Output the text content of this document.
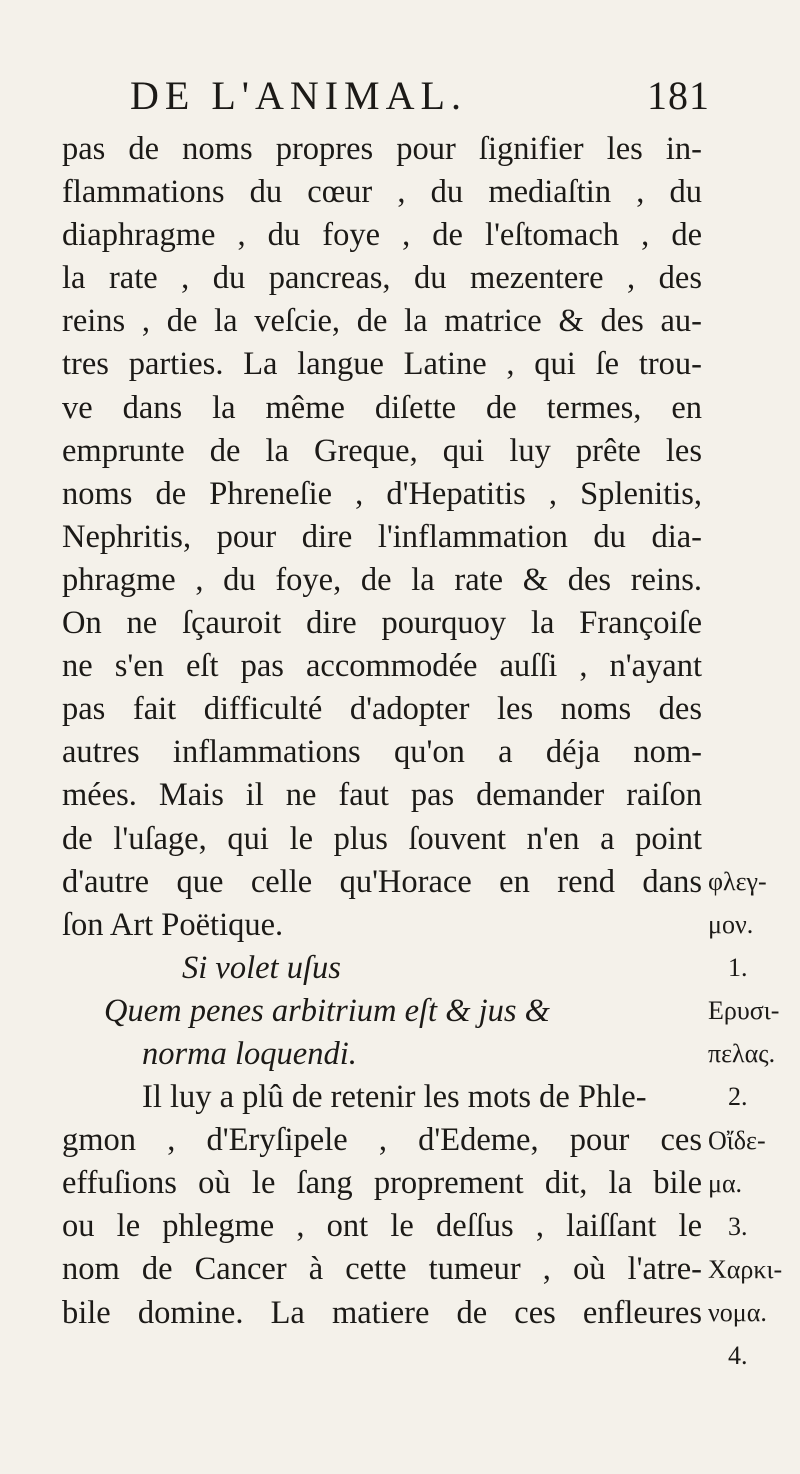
DE L'ANIMAL.	181
pas de noms propres pour ſignifier les in-
flammations du cœur , du mediaſtin , du
diaphragme , du foye , de l'eſtomach , de
la rate , du pancreas, du mezentere , des
reins , de la veſcie, de la matrice & des au-
tres parties. La langue Latine , qui ſe trou-
ve dans la même diſette de termes, en
emprunte de la Greque, qui luy prête les
noms de Phreneſie , d'Hepatitis , Splenitis,
Nephritis, pour dire l'inflammation du dia-
phragme , du foye, de la rate & des reins.
On ne ſçauroit dire pourquoy la Françoiſe
ne s'en eſt pas accommodée auſſi , n'ayant
pas fait difficulté d'adopter les noms des
autres inflammations qu'on a déja nom-
mées. Mais il ne faut pas demander raiſon
de l'uſage, qui le plus ſouvent n'en a point
d'autre que celle qu'Horace en rend dans
ſon Art Poëtique.
Si volet uſus
Quem penes arbitrium eſt & jus &
norma loquendi.
Il luy a plû de retenir les mots de Phle-
gmon , d'Eryſipele , d'Edeme, pour ces
effuſions où le ſang proprement dit, la bile
ou le phlegme , ont le deſſus , laiſſant le
nom de Cancer à cette tumeur , où l'atre-
bile domine. La matiere de ces enfleures
φλεγ-
μον.
1.
Ερυσι-
πελας.
2.
Οἴδε-
μα.
3.
Χαρκι-
νομα.
4.
